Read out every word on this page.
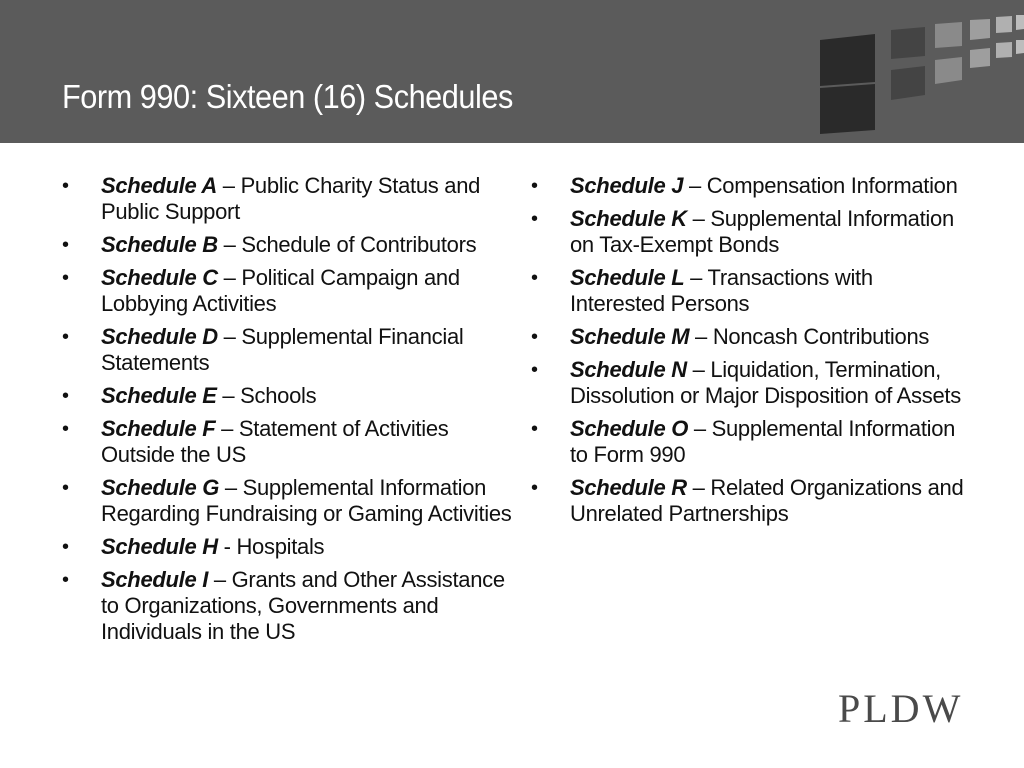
Form 990: Sixteen (16) Schedules
•	Schedule A – Public Charity Status and Public Support
•	Schedule B – Schedule of Contributors
•	Schedule C – Political Campaign and Lobbying Activities
•	Schedule D – Supplemental Financial Statements
•	Schedule E – Schools
•	Schedule F – Statement of Activities Outside the US
•	Schedule G – Supplemental Information Regarding Fundraising or Gaming Activities
•	Schedule H - Hospitals
•	Schedule I – Grants and Other Assistance to Organizations, Governments and Individuals in the US
•	Schedule J – Compensation Information
•	Schedule K – Supplemental Information on Tax-Exempt Bonds
•	Schedule L – Transactions with Interested Persons
•	Schedule M – Noncash Contributions
•	Schedule N – Liquidation, Termination, Dissolution or Major Disposition of Assets
•	Schedule O – Supplemental Information to Form 990
•	Schedule R – Related Organizations and Unrelated Partnerships
PLDW
